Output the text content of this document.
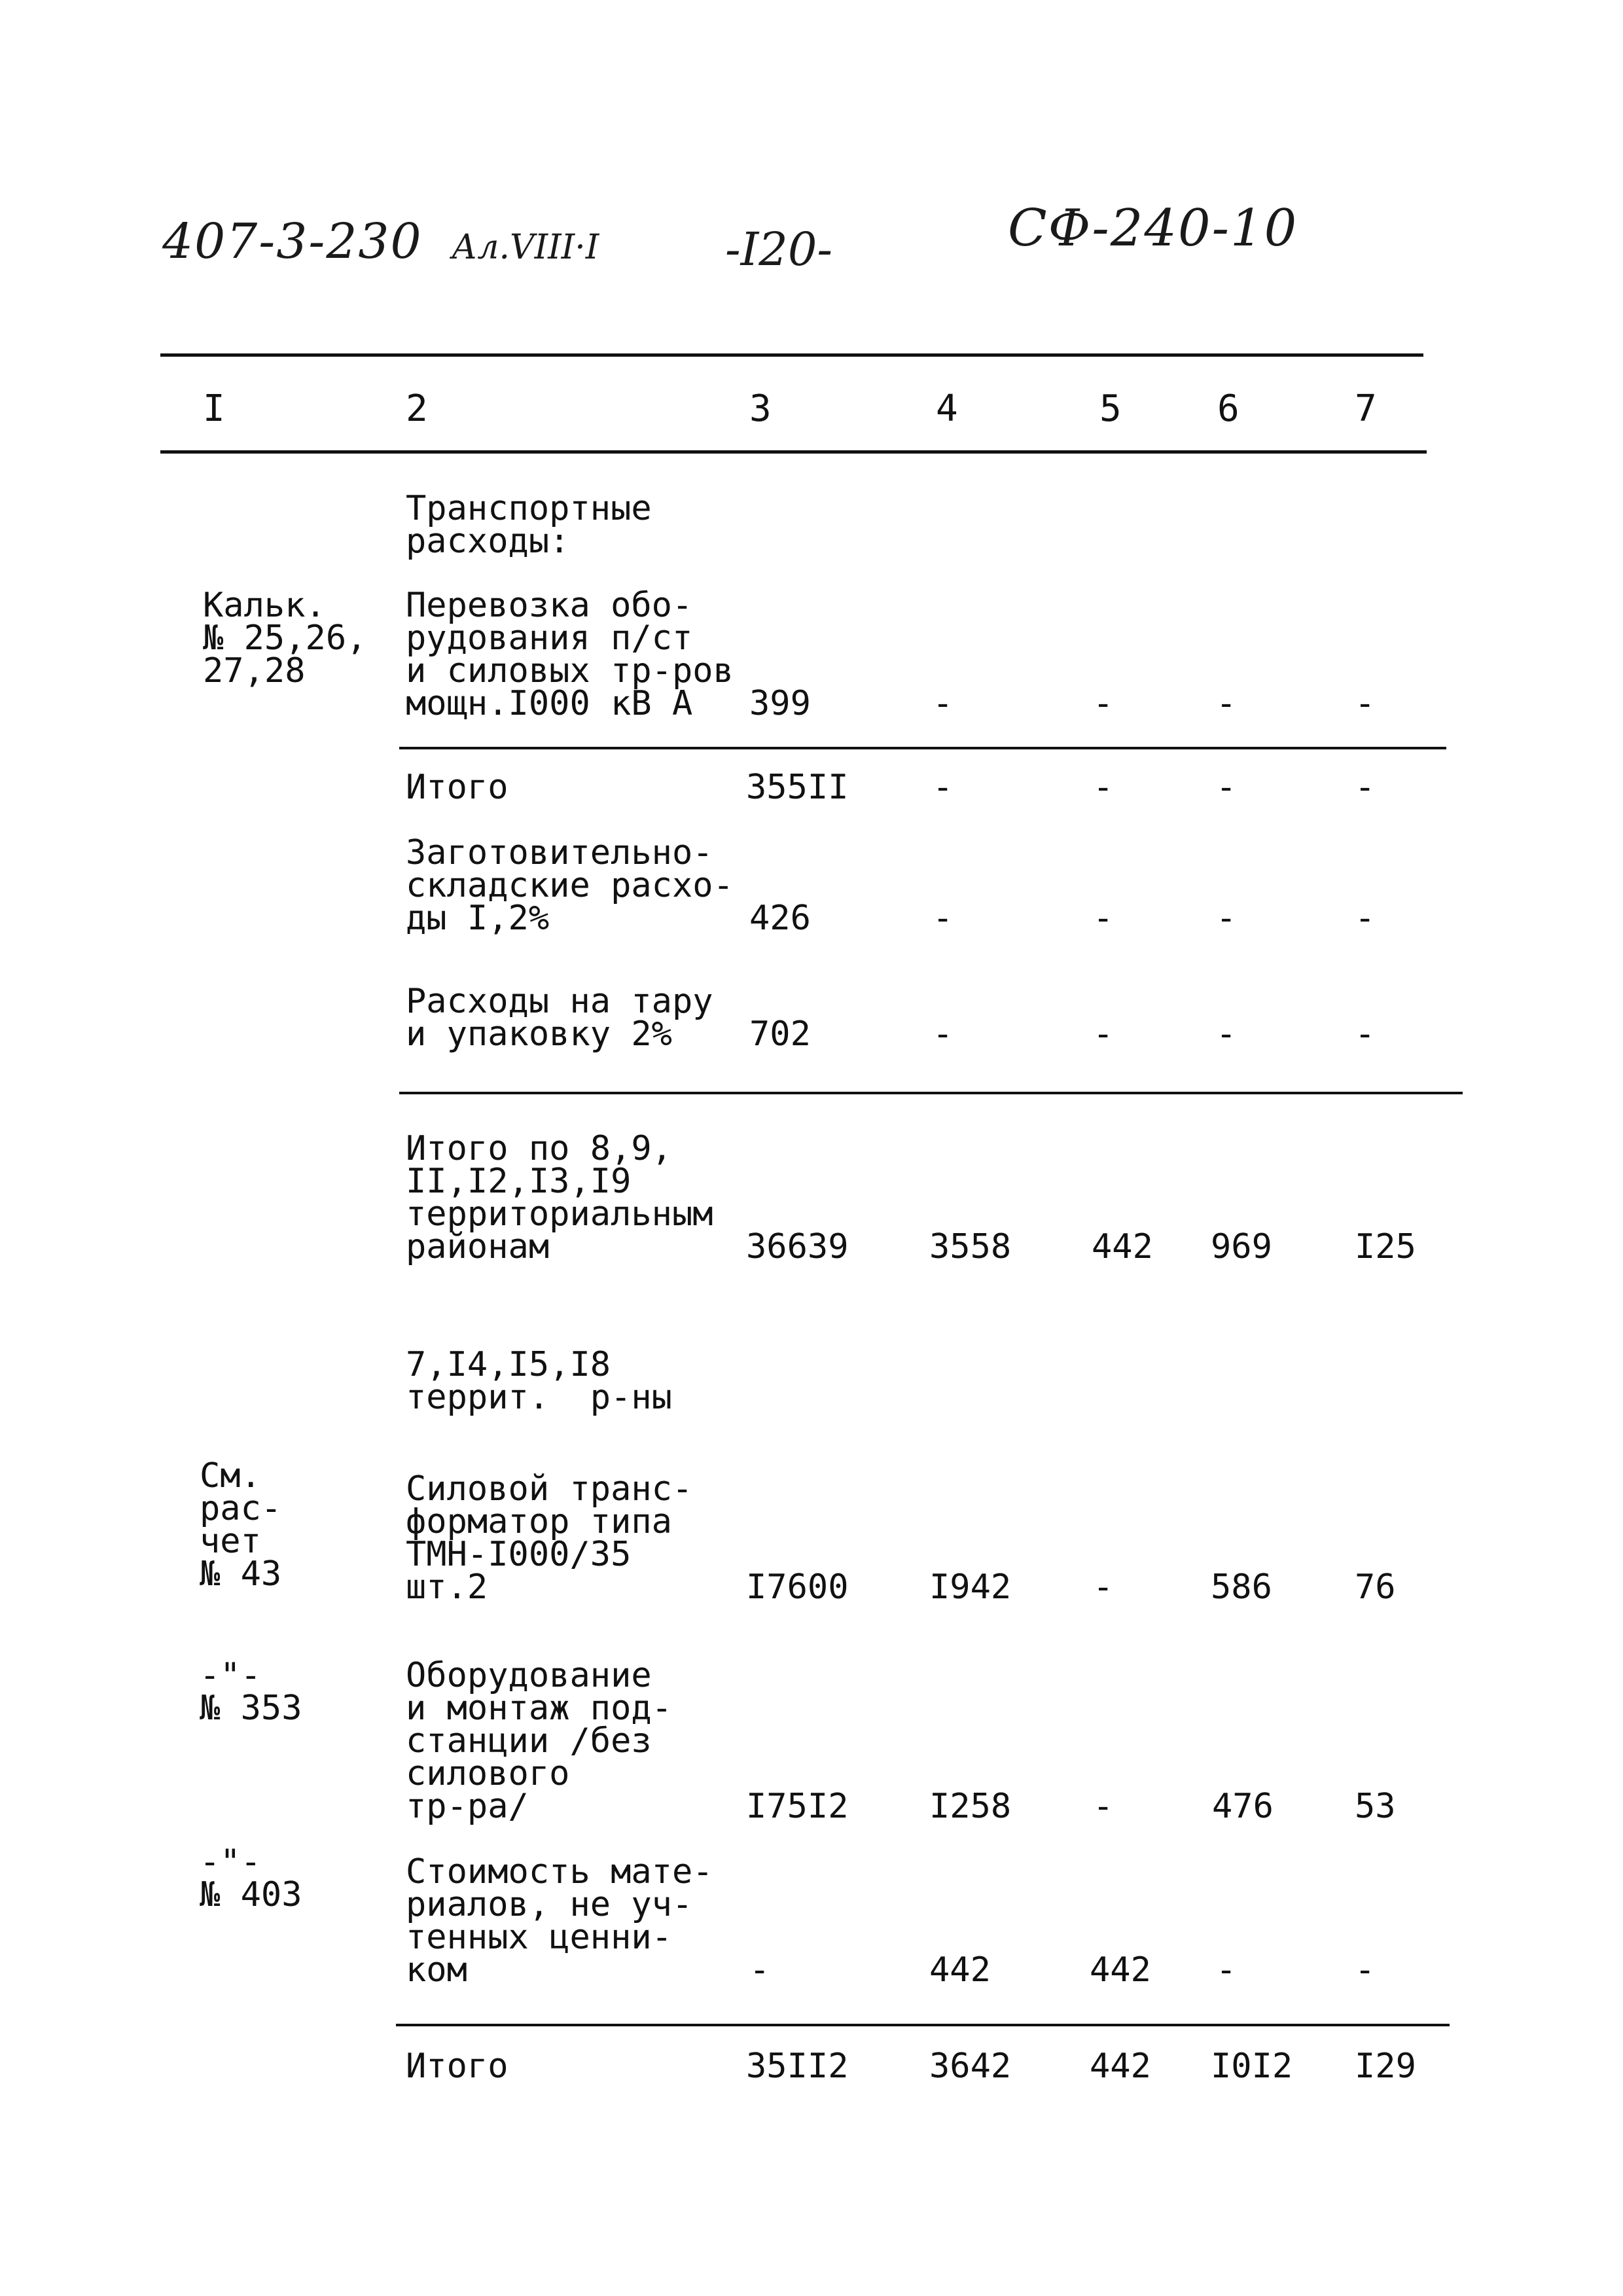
407-3-230 Ал.VIII·I	-I20-	СФ-240-10
I	2	3	4	5	6	7
Транспортные
расходы:
Кальк.
№ 25,26,
27,28
Перевозка обо-
рудования п/ст
и силовых тр-ров
мощн.I000 кВ А	399	-	-	-	-
Итого	355II -	-	-	-
Заготовительно-
складские расхо-
ды I,2%	426	-	-	-	-
Расходы на тару
и упаковку 2%	702	-	-	-	-
Итого по 8,9,
II,I2,I3,I9
территориальным
районам	36639 3558 442 969 I25
7,I4,I5,I8
террит.  р-ны
См.
рас-
чет
№ 43
Силовой транс-
форматор типа
ТМН-I000/35
шт.2	I7600 I942 -	586 76
-"-
№ 353
Оборудование
и монтаж под-
станции /без
силового
тр-ра/	I75I2 I258 -	476 53
-"-
№ 403
Стоимость мате-
риалов, не уч-
тенных ценни-
ком	-	442	442 -	-
Итого	35II2 3642 442 I0I2 I29
